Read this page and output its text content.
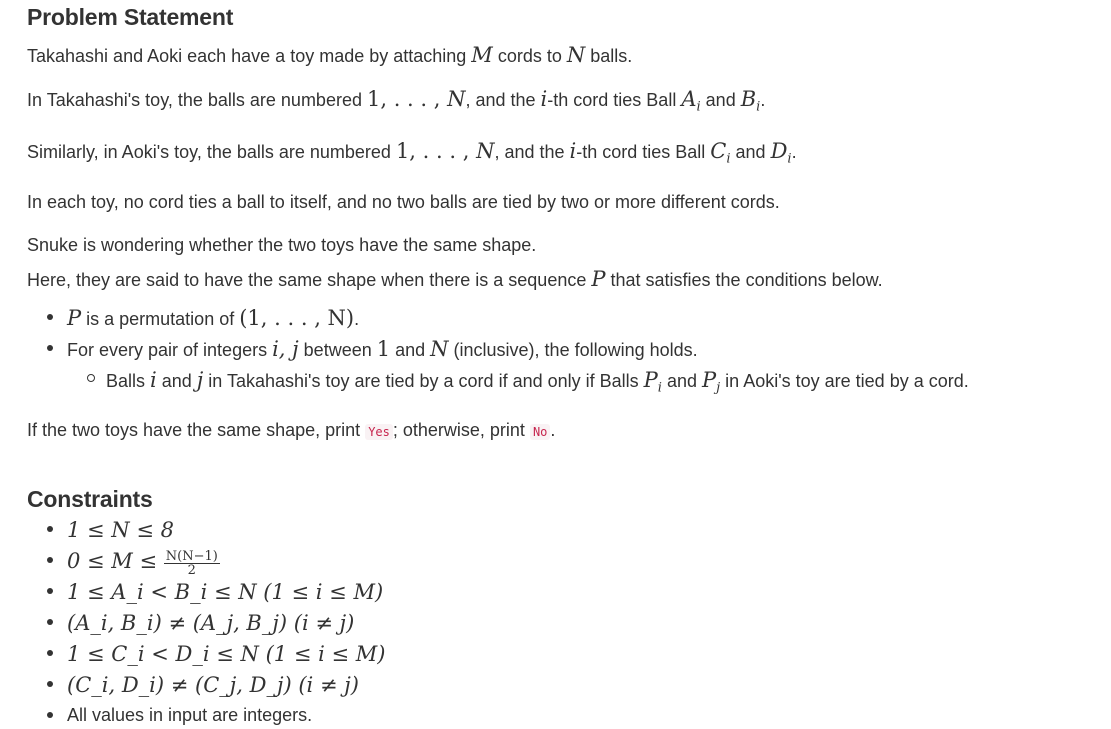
Problem Statement

Takahashi and Aoki each have a toy made by attaching M cords to N balls.

In Takahashi's toy, the balls are numbered 1, . . . , N, and the i-th cord ties Ball $A_i$ and $B_i$.

Similarly, in Aoki's toy, the balls are numbered 1, . . . , N, and the i-th cord ties Ball $C_i$ and $D_i$.

In each toy, no cord ties a ball to itself, and no two balls are tied by two or more different cords.

Snuke is wondering whether the two toys have the same shape.

Here, they are said to have the same shape when there is a sequence P that satisfies the conditions below.

P is a permutation of (1, . . . , N).
For every pair of integers i, j between 1 and N (inclusive), the following holds.
Balls i and j in Takahashi's toy are tied by a cord if and only if Balls $P_i$ and $P_j$ in Aoki's toy are tied by a cord.

If the two toys have the same shape, print Yes ; otherwise, print No .

Constraints
1 ≤ N ≤ 8
$0 \le M \le \frac{N(N-1)}{2}$
1 ≤ A_i < B_i ≤ N (1 ≤ i ≤ M)
(A_i, B_i) ≠ (A_j, B_j) (i ≠ j)
1 ≤ C_i < D_i ≤ N (1 ≤ i ≤ M)
(C_i, D_i) ≠ (C_j, D_j) (i ≠ j)
All values in input are integers.
